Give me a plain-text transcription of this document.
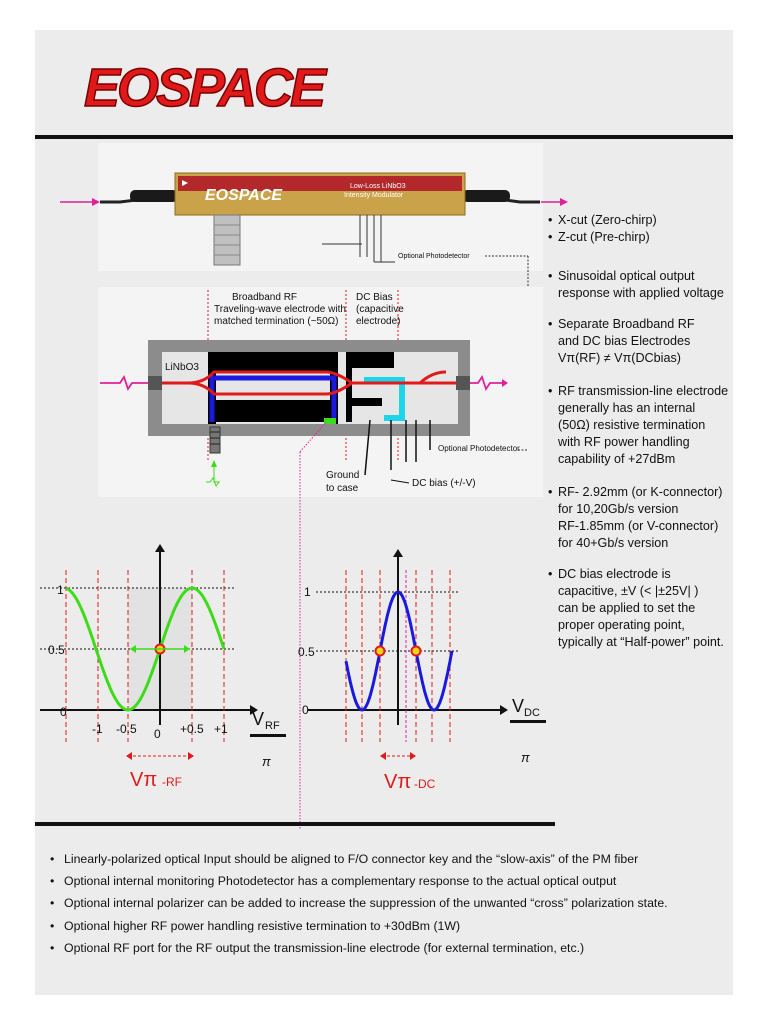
EOSPACE
EOSPACE
Low-Loss LiNbO3
Intensity Modulator
Optional Photodetector
Broadband RF
Traveling-wave electrode with
matched termination (~50Ω)
DC Bias
(capacitive
electrode)
LiNbO3
Optional Photodetector
Ground
to case	DC bias (+/-V)
1
0.5
0
-1 -0.5 0 +0.5 +1
Vπ -RF
V RF
π
1
0.5
0
Vπ -DC
V DC
π
• X-cut (Zero-chirp)
• Z-cut (Pre-chirp)
• Sinusoidal optical output
response with applied voltage
• Separate Broadband RF
and DC bias Electrodes
Vπ(RF) ≠ Vπ(DCbias)
• RF transmission-line electrode
generally has an internal
(50Ω) resistive termination
with RF power handling
capability of +27dBm
• RF- 2.92mm (or K-connector)
for 10,20Gb/s version
RF-1.85mm (or V-connector)
for 40+Gb/s version
• DC bias electrode is
capacitive, ±V (< |±25V| )
can be applied to set the
proper operating point,
typically at “Half-power” point.
• Linearly-polarized optical Input should be aligned to F/O connector key and the “slow-axis” of the PM fiber
• Optional internal monitoring Photodetector has a complementary response to the actual optical output
• Optional internal polarizer can be added to increase the suppression of the unwanted “cross” polarization state.
• Optional higher RF power handling resistive termination to +30dBm (1W)
• Optional RF port for the RF output the transmission-line electrode (for external termination, etc.)
